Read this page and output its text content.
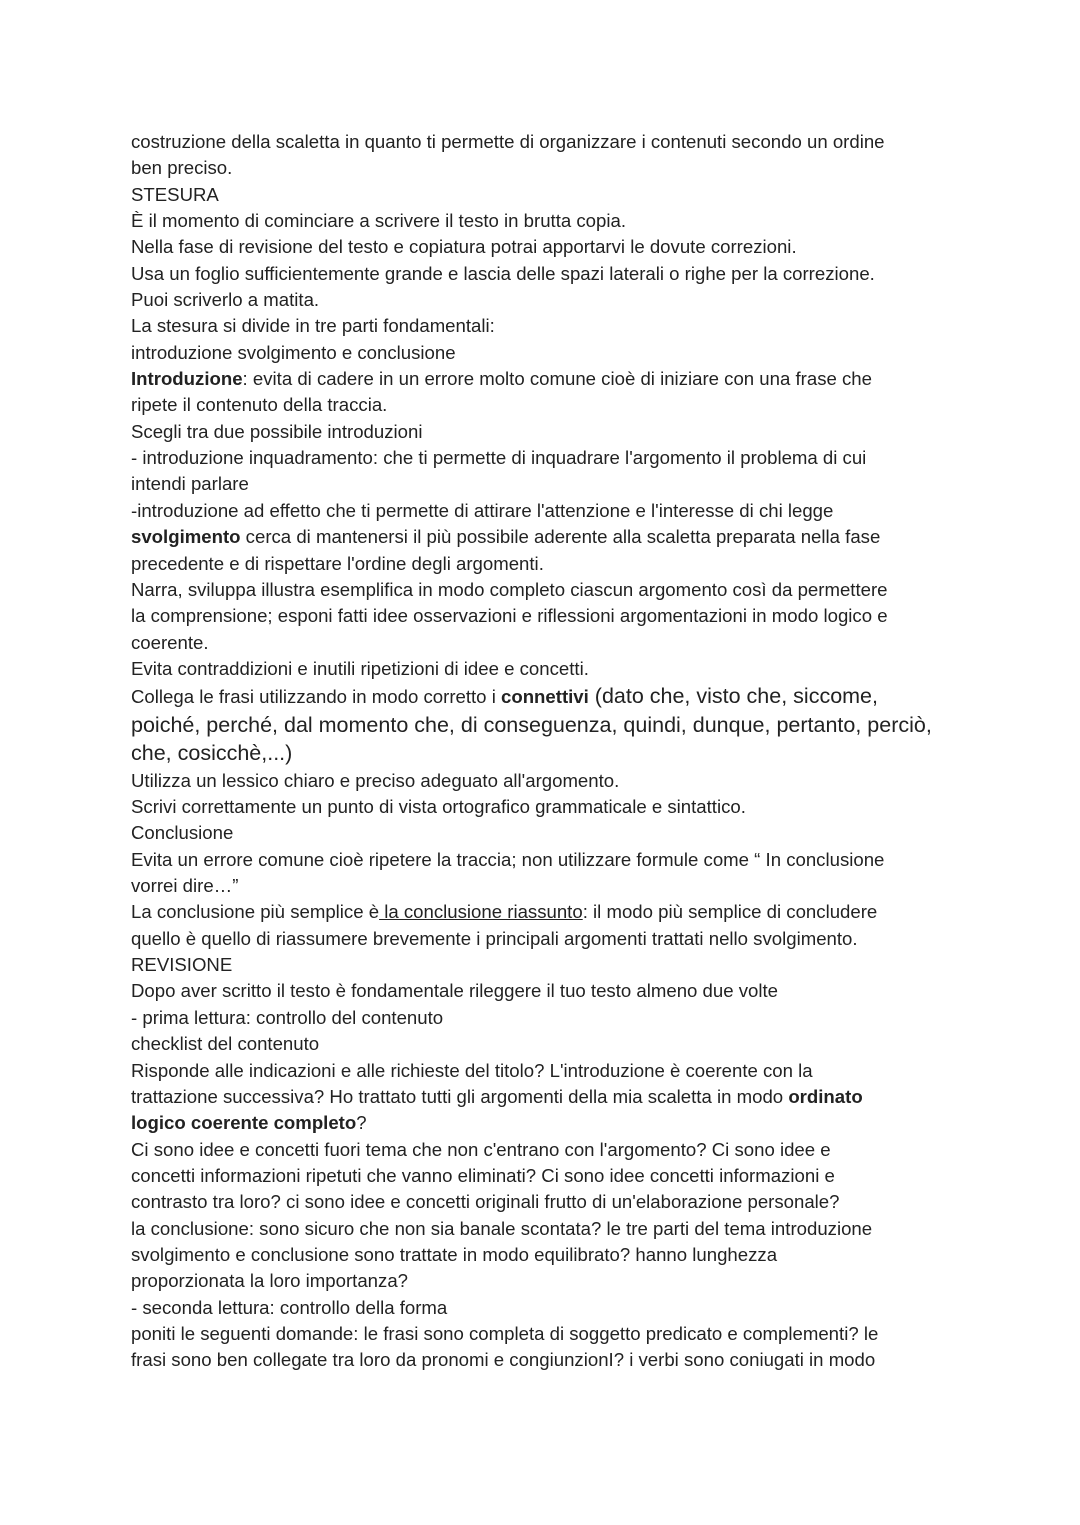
costruzione della scaletta in quanto ti permette di organizzare i contenuti secondo un ordine
ben preciso.
STESURA
È il momento di cominciare a scrivere il testo in brutta copia.
Nella fase di revisione del testo e copiatura potrai apportarvi le dovute correzioni.
Usa un foglio sufficientemente grande e lascia delle spazi laterali o righe per la correzione.
Puoi scriverlo a matita.
La stesura si divide in tre parti fondamentali:
introduzione svolgimento e conclusione
Introduzione: evita di cadere in un errore molto comune cioè di iniziare con una frase che
ripete il contenuto della traccia.
Scegli tra due possibile introduzioni
- introduzione inquadramento: che ti permette di inquadrare l'argomento il problema di cui
intendi parlare
-introduzione ad effetto che ti permette di attirare l'attenzione e l'interesse di chi legge
svolgimento cerca di mantenersi il più possibile aderente alla scaletta preparata nella fase
precedente e di rispettare l'ordine degli argomenti.
Narra, sviluppa illustra esemplifica in modo completo ciascun argomento così da permettere
la comprensione; esponi fatti idee osservazioni e riflessioni argomentazioni in modo logico e
coerente.
Evita contraddizioni e inutili ripetizioni di idee e concetti.
Collega le frasi utilizzando in modo corretto i connettivi (dato che, visto che, siccome,
poiché, perché, dal momento che, di conseguenza, quindi, dunque, pertanto, perciò,
che, cosicchè,...)
Utilizza un lessico chiaro e preciso adeguato all'argomento.
Scrivi correttamente un punto di vista ortografico grammaticale e sintattico.
Conclusione
Evita un errore comune cioè ripetere la traccia; non utilizzare formule come “ In conclusione
vorrei dire…”
La conclusione più semplice è la conclusione riassunto: il modo più semplice di concludere
quello è quello di riassumere brevemente i principali argomenti trattati nello svolgimento.
REVISIONE
Dopo aver scritto il testo è fondamentale rileggere il tuo testo almeno due volte
- prima lettura: controllo del contenuto
checklist del contenuto
Risponde alle indicazioni e alle richieste del titolo? L'introduzione è coerente con la
trattazione successiva? Ho trattato tutti gli argomenti della mia scaletta in modo ordinato
logico coerente completo?
Ci sono idee e concetti fuori tema che non c'entrano con l'argomento? Ci sono idee e
concetti informazioni ripetuti che vanno eliminati? Ci sono idee concetti informazioni e
contrasto tra loro? ci sono idee e concetti originali frutto di un'elaborazione personale?
la conclusione: sono sicuro che non sia banale scontata? le tre parti del tema introduzione
svolgimento e conclusione sono trattate in modo equilibrato? hanno lunghezza
proporzionata la loro importanza?
- seconda lettura: controllo della forma
poniti le seguenti domande: le frasi sono completa di soggetto predicato e complementi? le
frasi sono ben collegate tra loro da pronomi e congiunzionI? i verbi sono coniugati in modo
